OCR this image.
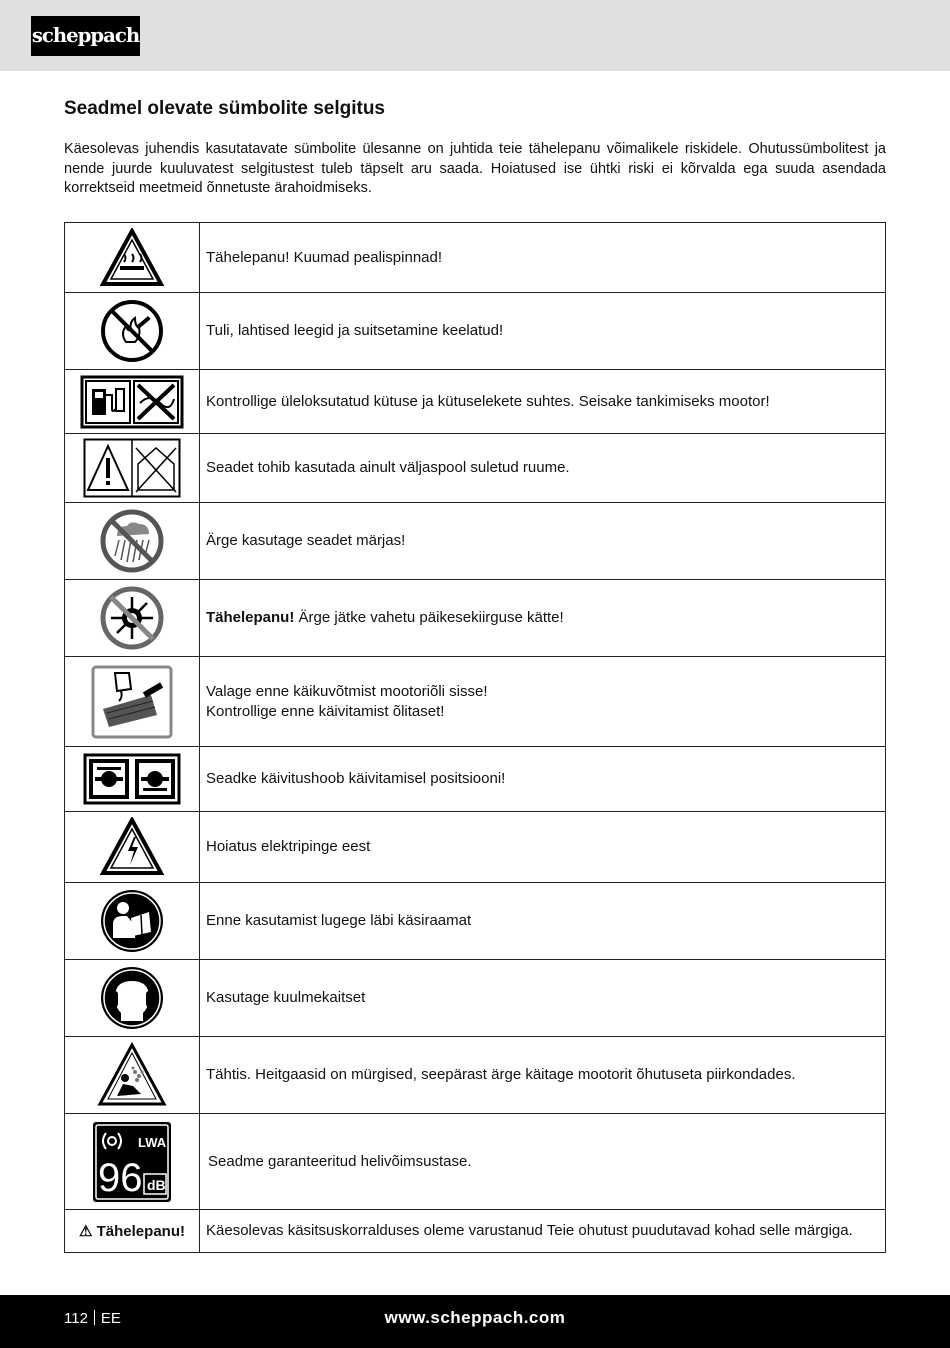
scheppach
Seadmel olevate sümbolite selgitus

Käesolevas juhendis kasutatavate sümbolite ülesanne on juhtida teie tähelepanu võimalikele riskidele. Ohutussümbolitest ja nende juurde kuuluvatest selgitustest tuleb täpselt aru saada. Hoiatused ise ühtki riski ei kõrvalda ega suuda asendada korrektseid meetmeid õnnetuste ärahoidmiseks.

	Tähelepanu! Kuumad pealispinnad!

	Tuli, lahtised leegid ja suitsetamine keelatud!

	Kontrollige üleloksutatud kütuse ja kütuselekete suhtes. Seisake tankimiseks mootor!

	Seadet tohib kasutada ainult väljaspool suletud ruume.

	Ärge kasutage seadet märjas!

	Tähelepanu! Ärge jätke vahetu päikesekiirguse kätte!

	Valage enne käikuvõtmist mootoriõli sisse!
Kontrollige enne käivitamist õlitaset!

	Seadke käivitushoob käivitamisel positsiooni!

	Hoiatus elektripinge eest

	Enne kasutamist lugege läbi käsiraamat

	Kasutage kuulmekaitset

	Tähtis. Heitgaasid on mürgised, seepärast ärge käitage mootorit õhutuseta piirkondades.

LWA
96 dB	Seadme garanteeritud helivõimsustase.
⚠ Tähelepanu!	Käesolevas käsitsuskorralduses oleme varustanud Teie ohutust puudutavad kohad selle märgiga.
112 EE	www.scheppach.com
